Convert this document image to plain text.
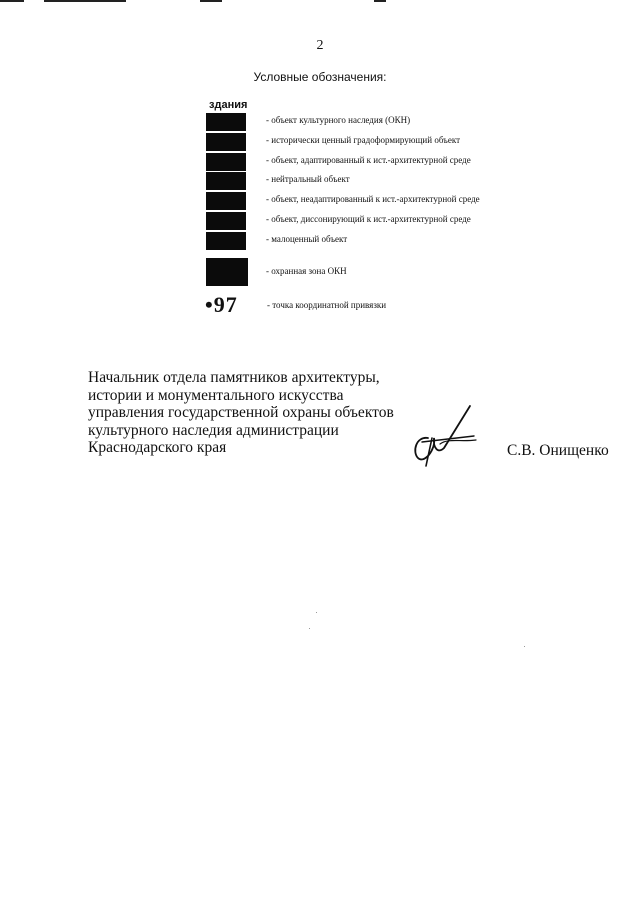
2
Условные обозначения:
здания
- объект культурного наследия (ОКН)
- исторически ценный градоформирующий объект
- объект, адаптированный к ист.-архитектурной среде
- нейтральный объект
- объект, неадаптированный к ист.-архитектурной среде
- объект, диссонирующий к ист.-архитектурной среде
- малоценный объект
- охранная зона ОКН
•97	- точка координатной привязки
Начальник отдела памятников архитектуры,
истории и монументального искусства
управления государственной охраны объектов
культурного наследия администрации
Краснодарского края	С.В. Онищенко
